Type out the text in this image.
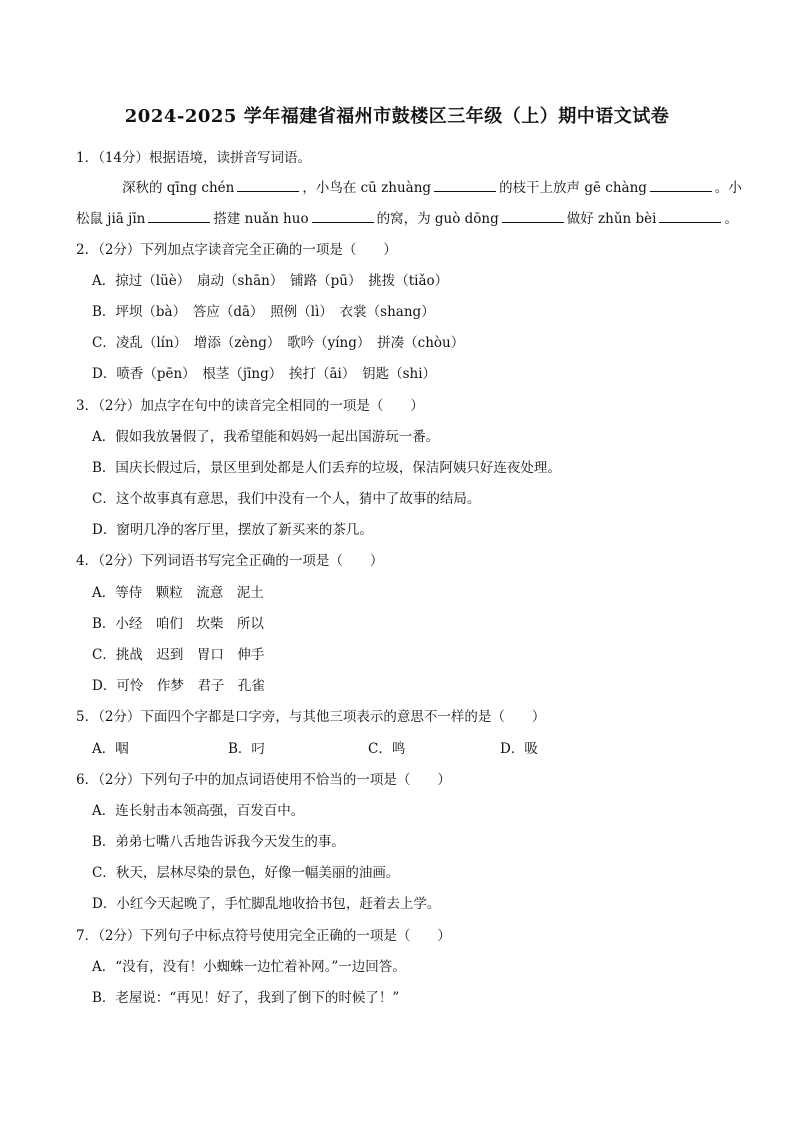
2024-2025 学年福建省福州市鼓楼区三年级（上）期中语文试卷
1．（14分）根据语境，读拼音写词语。
深秋的 qīng chén	，小鸟在 cū zhuàng	的枝干上放声 gē chàng	。小
松鼠 jiā jīn	搭建 nuǎn huo	的窝，为 guò dōng	做好 zhǔn bèi	。
2．（2分）下列加点字读音完全正确的一项是（　　）
A．掠过（lüè）　扇动（shān）　铺路（pū）　挑拨（tiǎo）
B．坪坝（bà）　答应（dā）　照例（lì）　衣裳（shang）
C．凌乱（lín）　增添（zèng）　歌吟（yíng）　拼凑（chòu）
D．喷香（pēn）　根茎（jīng）　挨打（āi）　钥匙（shi）
3．（2分）加点字在句中的读音完全相同的一项是（　　）
A．假如我放暑假了，我希望能和妈妈一起出国游玩一番。
B．国庆长假过后，景区里到处都是人们丢弃的垃圾，保洁阿姨只好连夜处理。
C．这个故事真有意思，我们中没有一个人，猜中了故事的结局。
D．窗明几净的客厅里，摆放了新买来的茶几。
4．（2分）下列词语书写完全正确的一项是（　　）
A．等侍　颗粒　流意　泥土
B．小经　咱们　坎柴　所以
C．挑战　迟到　胃口　伸手
D．可怜　作梦　君子　孔雀
5．（2分）下面四个字都是口字旁，与其他三项表示的意思不一样的是（　　）
A．咽	B．叼	C．鸣	D．吸
6．（2分）下列句子中的加点词语使用不恰当的一项是（　　）
A．连长射击本领高强，百发百中。
B．弟弟七嘴八舌地告诉我今天发生的事。
C．秋天，层林尽染的景色，好像一幅美丽的油画。
D．小红今天起晚了，手忙脚乱地收拾书包，赶着去上学。
7．（2分）下列句子中标点符号使用完全正确的一项是（　　）
A．“没有，没有！小蜘蛛一边忙着补网。”一边回答。
B．老屋说：“再见！好了，我到了倒下的时候了！”
